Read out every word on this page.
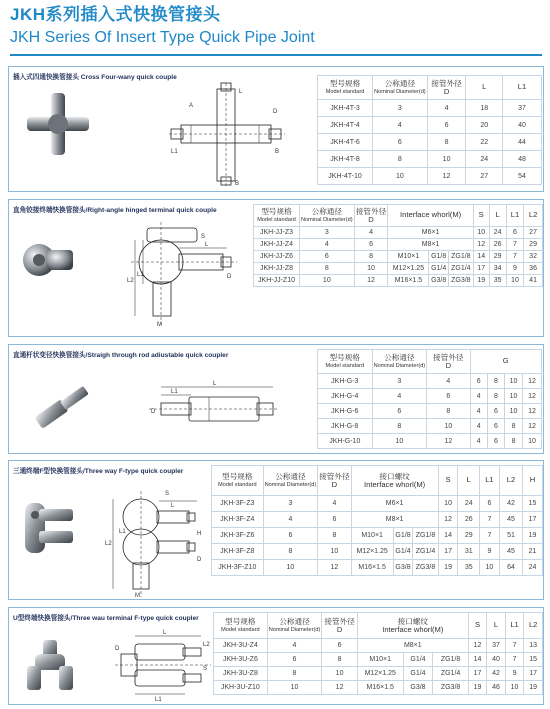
JKH系列插入式快换管接头
JKH Series Of Insert Type Quick Pipe Joint
插入式四通快换管接头 Cross Four-wany quick couple
A
L
D
L1	B
B
型号规格
Model standard	公称通径
Nominal Diameter(d)	接管外径
D	L	L1
JKH-4T-3	3	4	18	37
JKH-4T-4	4	6	20	40
JKH-4T-6	6	8	22	44
JKH-4T-8	8	10	24	48
JKH-4T-10	10	12	27	54
直角铰接终端快换管接头/Right-angle hinged terminal quick couple
S
L
L1
L2
D
M
型号规格
Model standard	公称通径
Nominal Diameter(d)	接管外径
D	Interface whorl(M)			S	L	L1	L2
JKH-JJ-Z3	3	4	M6×1			10	24	6	27
JKH-JJ-Z4	4	6	M8×1			12	26	7	29
JKH-JJ-Z6	6	8	M10×1	G1/8	ZG1/8	14	29	7	32
JKH-JJ-Z8	8	10	M12×1.25	G1/4	ZG1/4	17	34	9	36
JKH-JJ-Z10	10	12	M16×1.5	G3/8	ZG3/8	19	35	10	41
直通杆状变径快换管接头/Straigh through rod adiustable quick coupler
L
L1
D
型号规格
Model standard	公称通径
Nominal Diameter(d)	接管外径
D	G			
JKH-G-3	3	4	6	8	10	12
JKH-G-4	4	6	4	8	10	12
JKH-G-6	6	8	4	6	10	12
JKH-G-8	8	10	4	6	8	12
JKH-G-10	10	12	4	6	8	10
三通终端F型快换管接头/Three way F-type quick coupler
S
L
L1
L2
H
D
M
型号规格
Model standard	公称通径
Nominal Diameter(d)	接管外径
D	接口螺纹
Interface whorl(M)			S	L	L1	L2	H
JKH-3F-Z3	3	4	M6×1			10	24	6	42	15
JKH-3F-Z4	4	6	M8×1			12	26	7	45	17
JKH-3F-Z6	6	8	M10×1	G1/8	ZG1/8	14	29	7	51	19
JKH-3F-Z8	8	10	M12×1.25	G1/4	ZG1/4	17	31	9	45	21
JKH-3F-Z10	10	12	M16×1.5	G3/8	ZG3/8	19	35	10	64	24
U型终端快换管接头/Three wau terminal F-type quick coupler
L
L1
L2
S
D
型号规格
Model standard	公称通径
Nominal Diameter(d)	接管外径
D	接口螺纹
Interface whorl(M)			S	L	L1	L2
JKH-3U-Z4	4	6	M8×1			12	37	7	13
JKH-3U-Z6	6	8	M10×1	G1/4	ZG1/8	14	40	7	15
JKH-3U-Z8	8	10	M12×1.25	G1/4	ZG1/4	17	42	9	17
JKH-3U-Z10	10	12	M16×1.5	G3/8	ZG3/8	19	46	10	19
